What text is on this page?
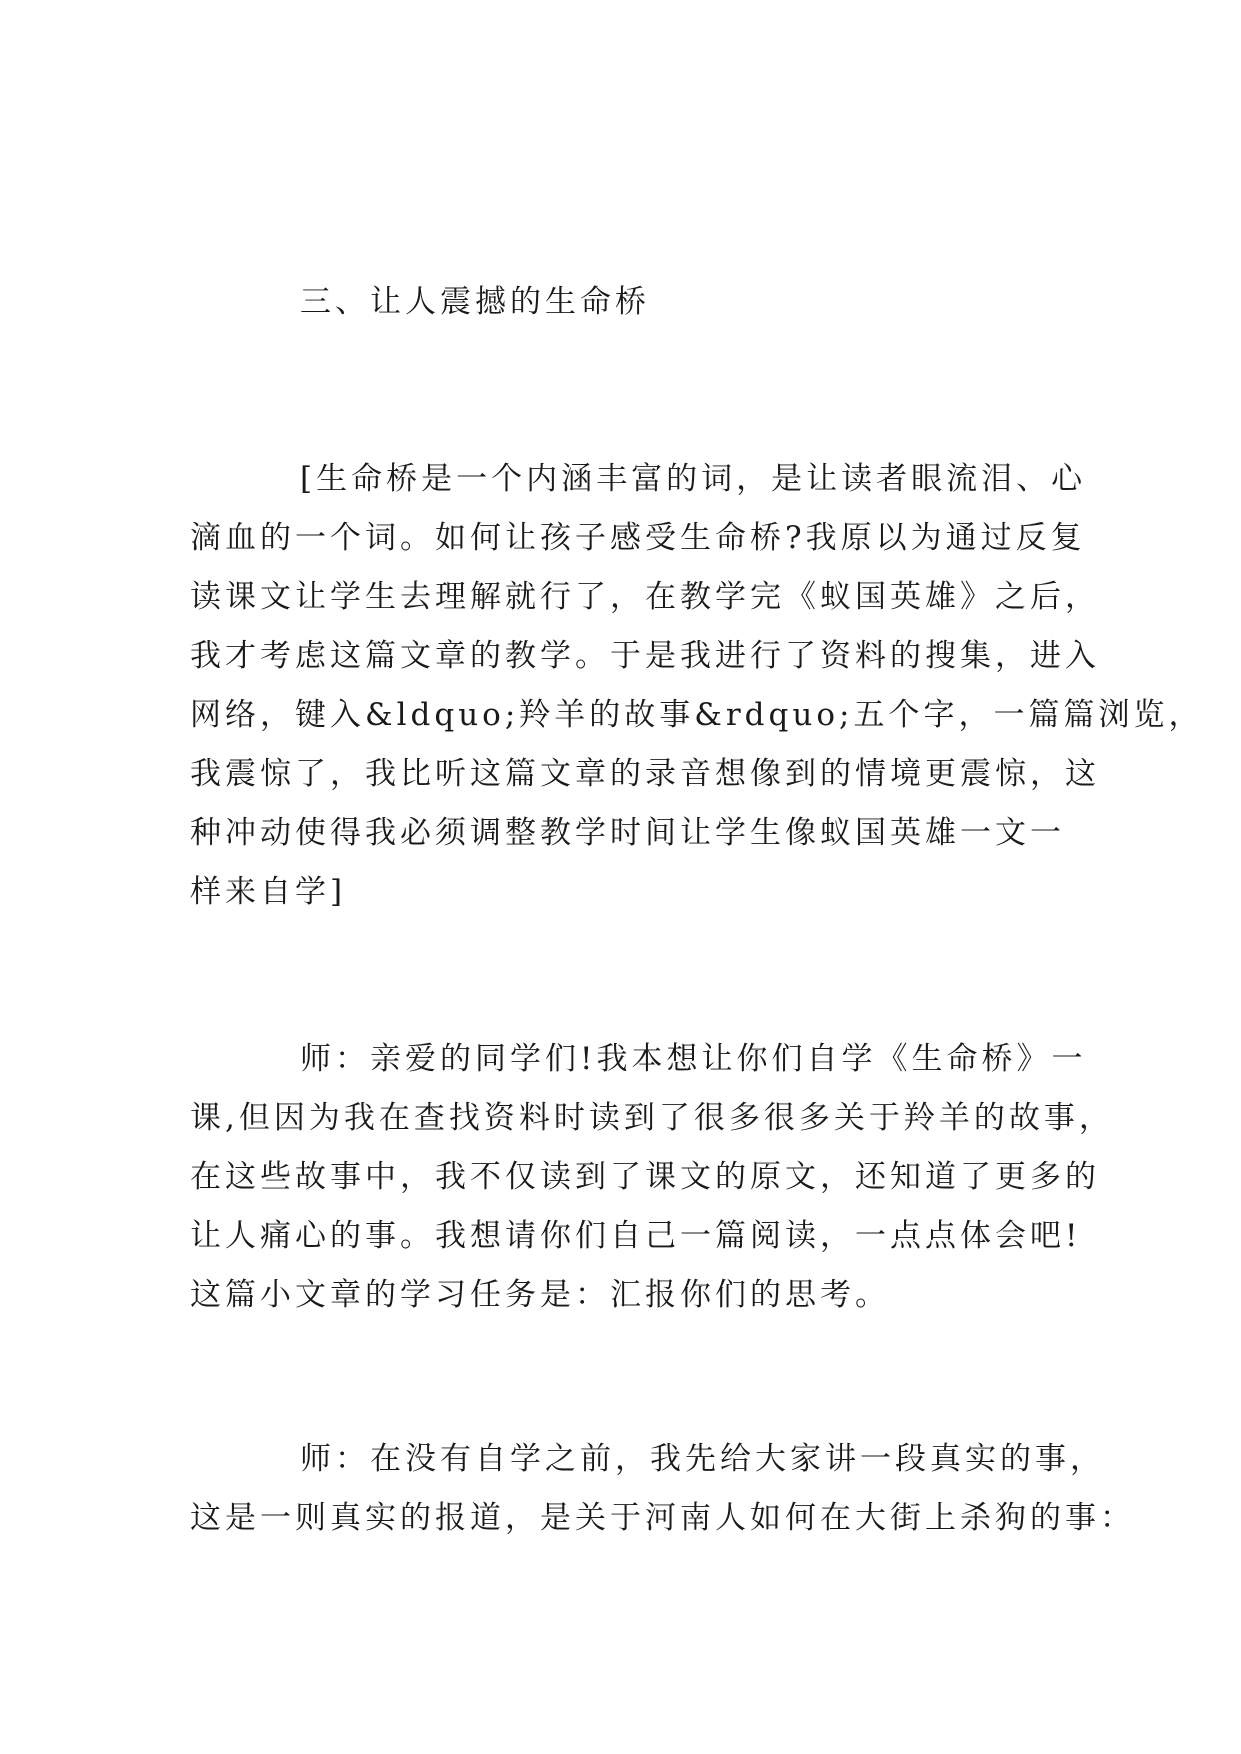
三、让人震撼的生命桥
[生命桥是一个内涵丰富的词，是让读者眼流泪、心
滴血的一个词。如何让孩子感受生命桥?我原以为通过反复
读课文让学生去理解就行了，在教学完《蚁国英雄》之后，
我才考虑这篇文章的教学。于是我进行了资料的搜集，进入
网络，键入&ldquo;羚羊的故事&rdquo;五个字，一篇篇浏览，
我震惊了，我比听这篇文章的录音想像到的情境更震惊，这
种冲动使得我必须调整教学时间让学生像蚁国英雄一文一
样来自学]
师：亲爱的同学们!我本想让你们自学《生命桥》一
课,但因为我在查找资料时读到了很多很多关于羚羊的故事，
在这些故事中，我不仅读到了课文的原文，还知道了更多的
让人痛心的事。我想请你们自己一篇阅读，一点点体会吧!
这篇小文章的学习任务是：汇报你们的思考。
师：在没有自学之前，我先给大家讲一段真实的事，
这是一则真实的报道，是关于河南人如何在大街上杀狗的事：
